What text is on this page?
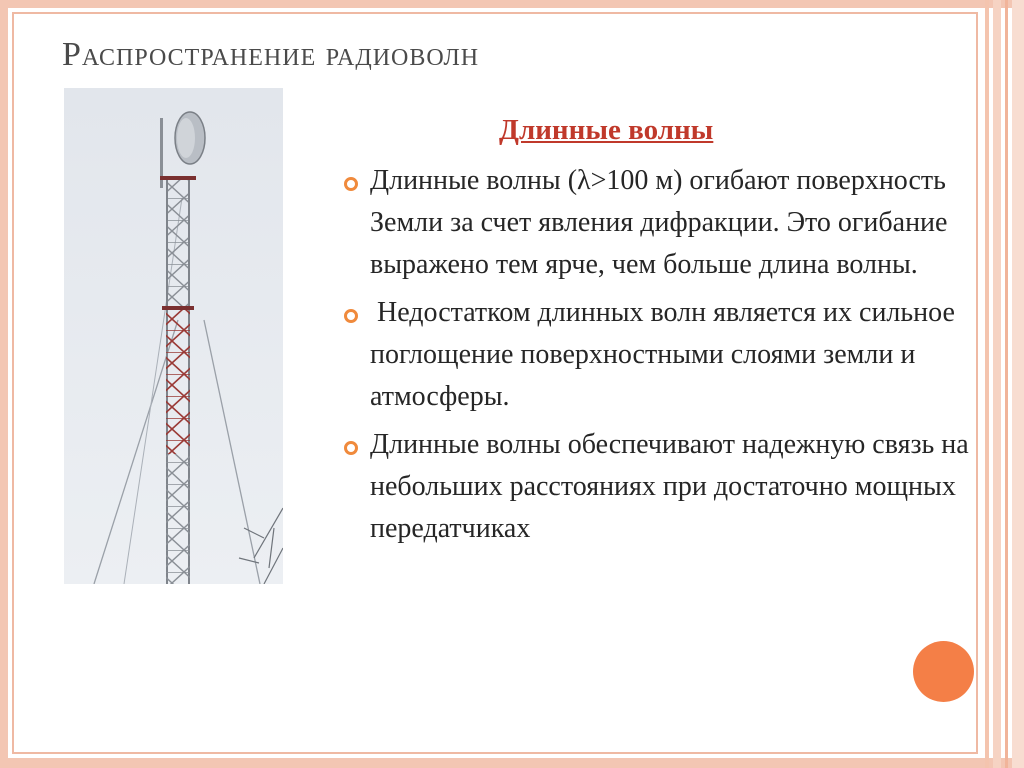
Распространение радиоволн
Длинные волны
Длинные волны (λ>100 м) огибают поверхность Земли за счет явления дифракции. Это огибание выражено тем ярче, чем больше длина волны.
Недостатком длинных волн является их сильное поглощение поверхностными слоями земли и атмосферы.
Длинные волны обеспечивают надежную связь на небольших расстояниях при достаточно мощных передатчиках
